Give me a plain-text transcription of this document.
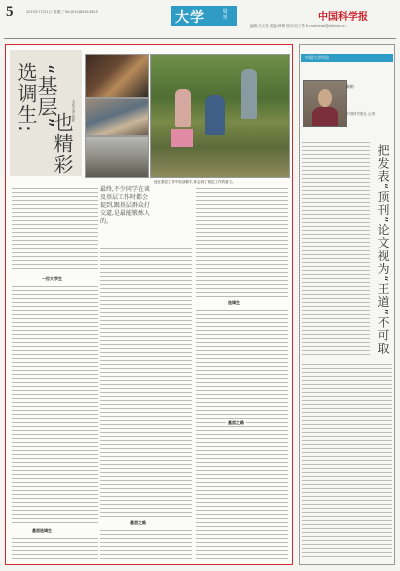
5	2010年7月21日 星期三 Tel:(010)82614615	大学	周刊	中国科学报
编辑:马文亮 美编:韩博 校对:何工秀 E-mail:mwl@stimes.cn
选调生:
“基层”
也精彩
本报记者 陈彬
他在基层工作中收获颇丰,体会到了基层工作的意义。
最终,不少同学在谈及基层工作时都会提到,跟基层群众打交道,是最能锻炼人的。
一位大学生
基层选调生
基层之路
选调生
基层之路
中国大学评论
陈彬
中国科学报社 记者
把发表“顶刊”论文视为“王道”不可取
